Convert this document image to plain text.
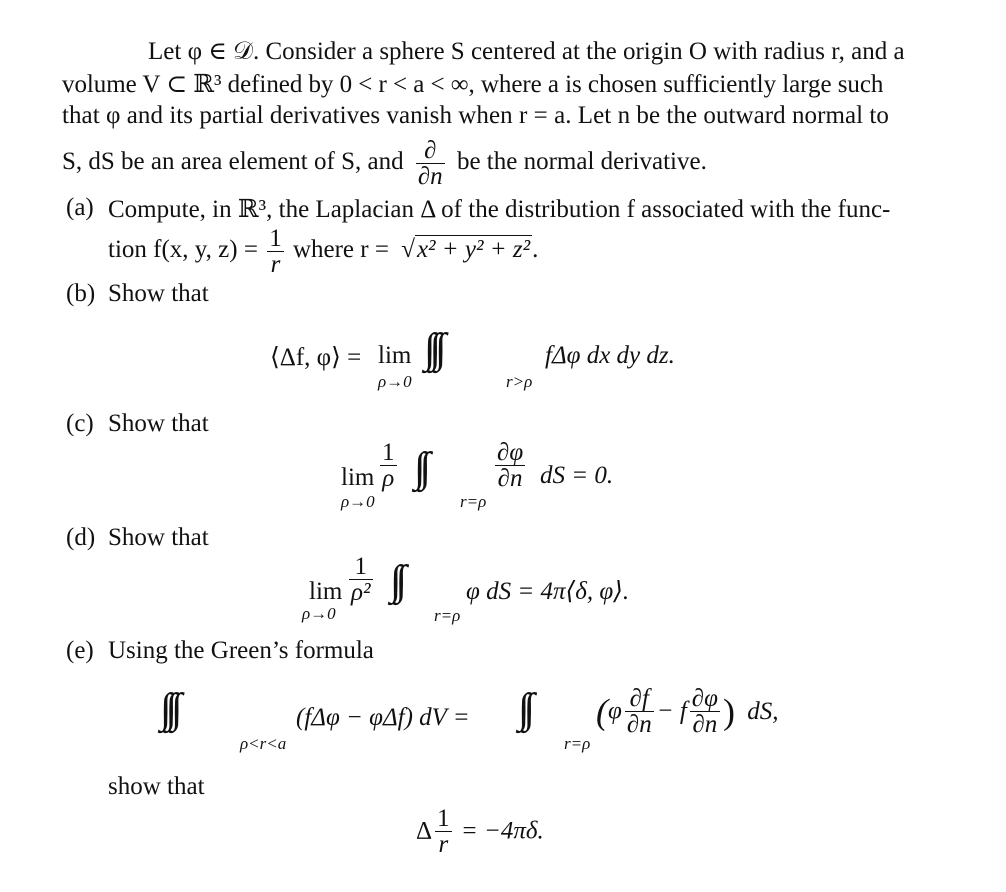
Let φ ∈ 𝒟. Consider a sphere S centered at the origin O with radius r, and a
volume V ⊂ ℝ³ defined by 0 < r < a < ∞, where a is chosen sufficiently large such
that φ and its partial derivatives vanish when r = a. Let n be the outward normal to
S, dS be an area element of S, and $\frac{\partial}{\partial n}$ be the normal derivative.
(a) Compute, in ℝ³, the Laplacian Δ of the distribution f associated with the func-
tion f(x, y, $z) = \frac{1}{r}$ where r = √x² + y² + z².
(b) Show that
⟨Δf, φ⟩ = lim
ρ→0
∫∫∫
r>ρ
fΔφ dx dy dz.
(c) Show that
lim
ρ→0
$\frac{1}{\rho}$ ∫∫
r=ρ
$\frac{\partial\varphi}{\partial n}$ dS = 0.
(d) Show that
lim
ρ→0
$\frac{1}{\text{ρ²}}$ ∫∫
r=ρ
φ dS = 4π⟨δ, φ⟩.
(e) Using the Green’s formula
∫∫∫
ρ<r<a
(fΔφ − φΔf) dV = ∫∫
r=ρ
($\varphi \frac{\partial f}{\partial n} - f \frac{\partial\varphi}{\partial n}$ ) dS,
show that
Δ $\frac{1}{r} = -4\pi\delta$.
